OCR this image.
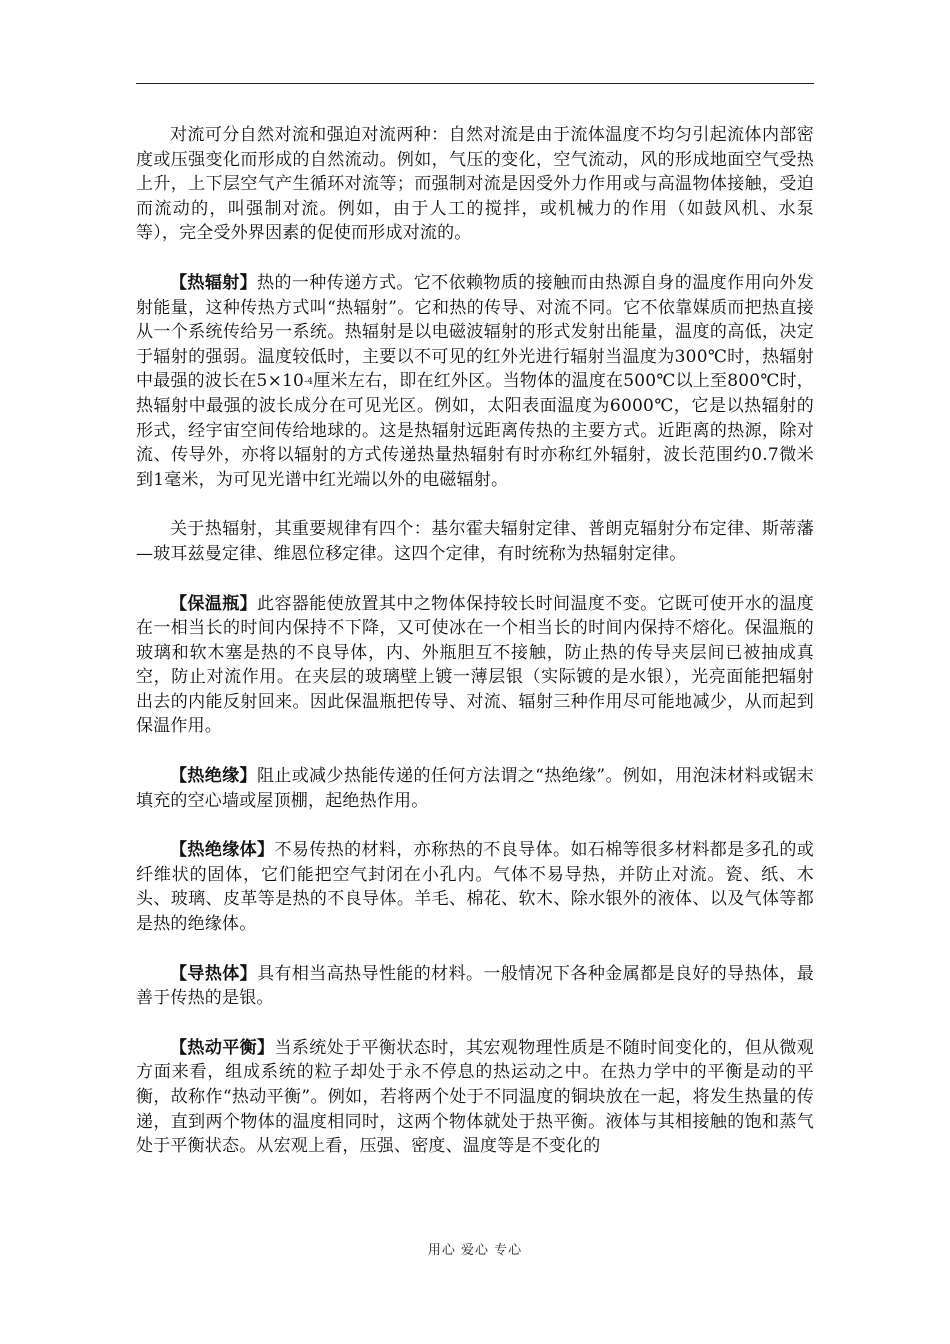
对流可分自然对流和强迫对流两种：自然对流是由于流体温度不均匀引起流体内部密度或压强变化而形成的自然流动。例如，气压的变化，空气流动，风的形成地面空气受热上升，上下层空气产生循环对流等；而强制对流是因受外力作用或与高温物体接触，受迫而流动的，叫强制对流。例如，由于人工的搅拌，或机械力的作用（如鼓风机、水泵等），完全受外界因素的促使而形成对流的。

【热辐射】热的一种传递方式。它不依赖物质的接触而由热源自身的温度作用向外发射能量，这种传热方式叫“热辐射”。它和热的传导、对流不同。它不依靠媒质而把热直接从一个系统传给另一系统。热辐射是以电磁波辐射的形式发射出能量，温度的高低，决定于辐射的强弱。温度较低时，主要以不可见的红外光进行辐射当温度为300℃时，热辐射中最强的波长在$5\times 10^{-4}$厘米左右，即在红外区。当物体的温度在500℃以上至800℃时，热辐射中最强的波长成分在可见光区。例如，太阳表面温度为6000℃，它是以热辐射的形式，经宇宙空间传给地球的。这是热辐射远距离传热的主要方式。近距离的热源，除对流、传导外，亦将以辐射的方式传递热量热辐射有时亦称红外辐射，波长范围约0.7微米到1毫米，为可见光谱中红光端以外的电磁辐射。

关于热辐射，其重要规律有四个：基尔霍夫辐射定律、普朗克辐射分布定律、斯蒂藩—玻耳兹曼定律、维恩位移定律。这四个定律，有时统称为热辐射定律。

【保温瓶】此容器能使放置其中之物体保持较长时间温度不变。它既可使开水的温度在一相当长的时间内保持不下降，又可使冰在一个相当长的时间内保持不熔化。保温瓶的玻璃和软木塞是热的不良导体，内、外瓶胆互不接触，防止热的传导夹层间已被抽成真空，防止对流作用。在夹层的玻璃壁上镀一薄层银（实际镀的是水银），光亮面能把辐射出去的内能反射回来。因此保温瓶把传导、对流、辐射三种作用尽可能地减少，从而起到保温作用。

【热绝缘】阻止或减少热能传递的任何方法谓之“热绝缘”。例如，用泡沫材料或锯末填充的空心墙或屋顶棚，起绝热作用。

【热绝缘体】不易传热的材料，亦称热的不良导体。如石棉等很多材料都是多孔的或纤维状的固体，它们能把空气封闭在小孔内。气体不易导热，并防止对流。瓷、纸、木头、玻璃、皮革等是热的不良导体。羊毛、棉花、软木、除水银外的液体、以及气体等都是热的绝缘体。

【导热体】具有相当高热导性能的材料。一般情况下各种金属都是良好的导热体，最善于传热的是银。

【热动平衡】当系统处于平衡状态时，其宏观物理性质是不随时间变化的，但从微观方面来看，组成系统的粒子却处于永不停息的热运动之中。在热力学中的平衡是动的平衡，故称作“热动平衡”。例如，若将两个处于不同温度的铜块放在一起，将发生热量的传递，直到两个物体的温度相同时，这两个物体就处于热平衡。液体与其相接触的饱和蒸气处于平衡状态。从宏观上看，压强、密度、温度等是不变化的

用心 爱心 专心
